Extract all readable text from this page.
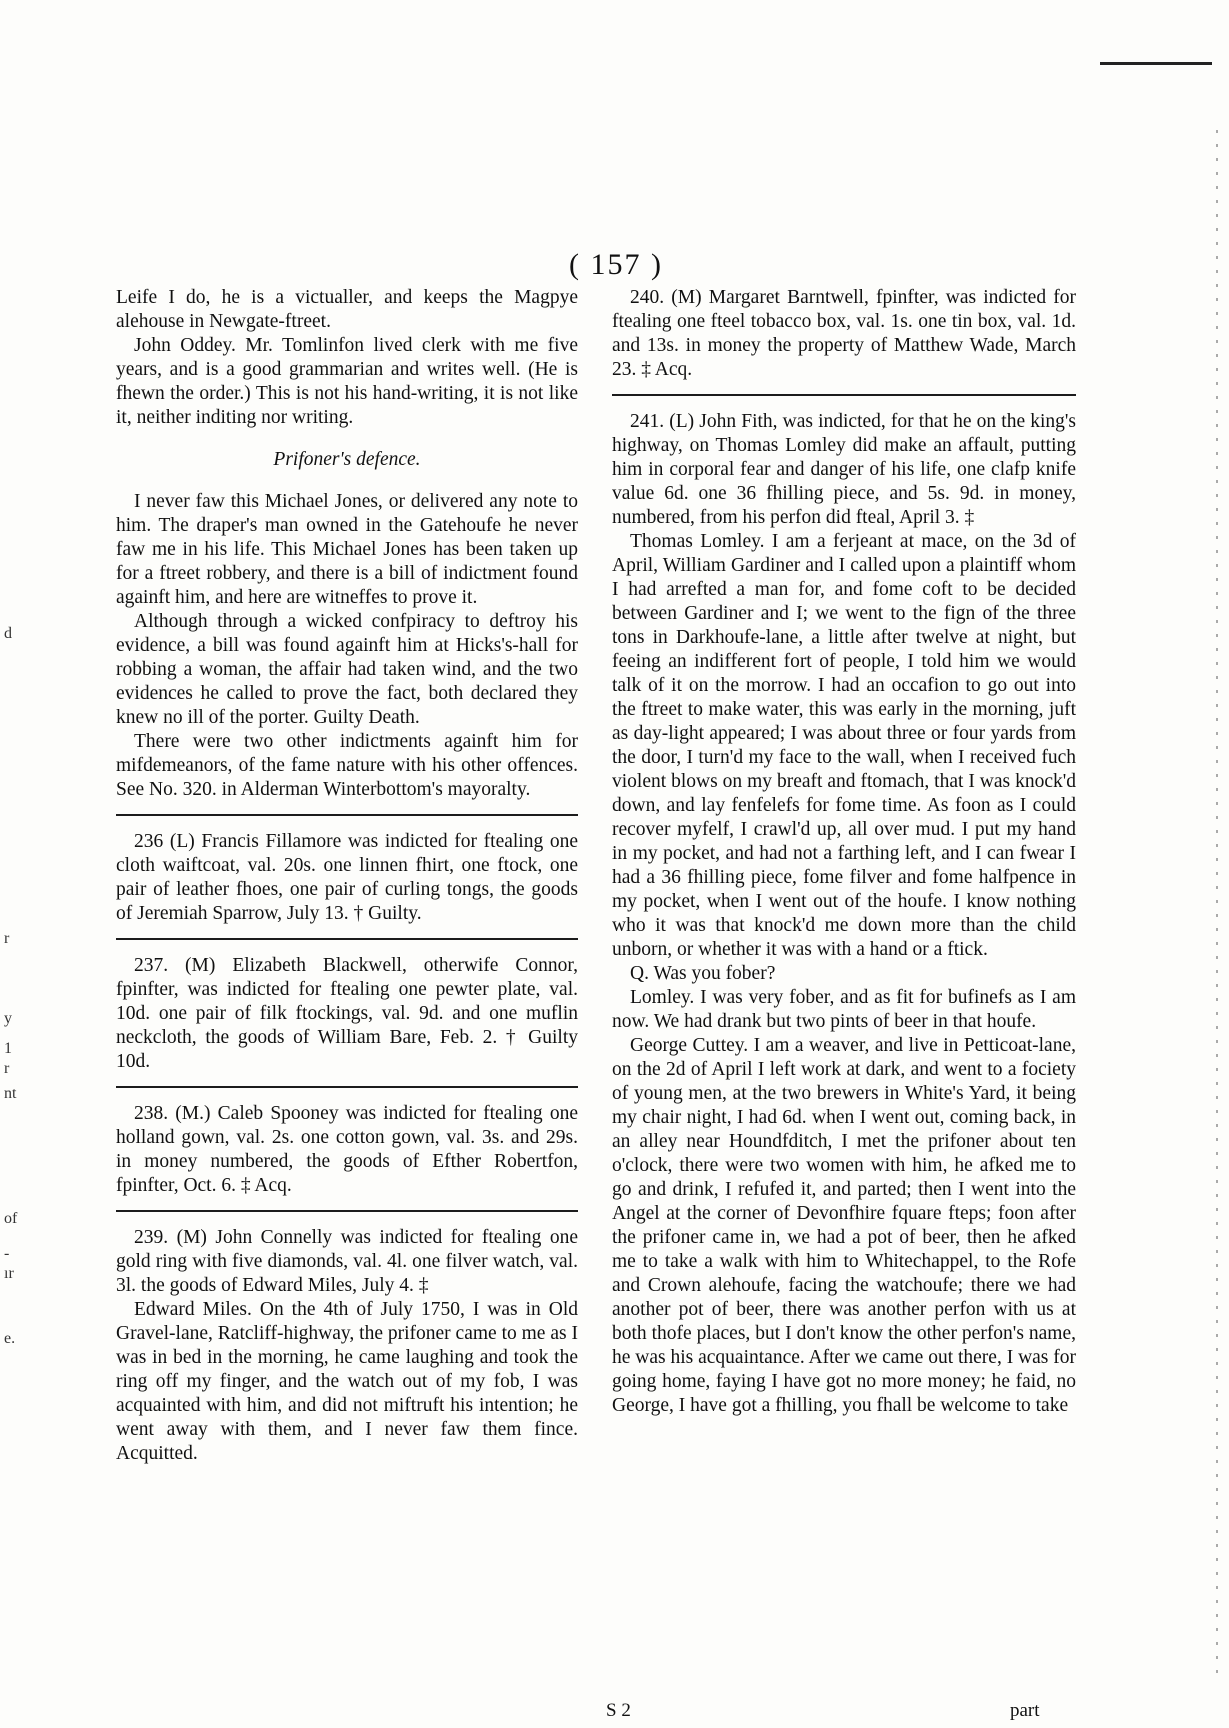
( 157 )

Leife I do, he is a victualler, and keeps the Magpye alehouse in Newgate-ftreet.

John Oddey. Mr. Tomlinfon lived clerk with me five years, and is a good grammarian and writes well. (He is fhewn the order.) This is not his hand-writing, it is not like it, neither inditing nor writing.

Prifoner's defence.

I never faw this Michael Jones, or delivered any note to him. The draper's man owned in the Gatehoufe he never faw me in his life. This Michael Jones has been taken up for a ftreet robbery, and there is a bill of indictment found againft him, and here are witneffes to prove it.

Although through a wicked confpiracy to deftroy his evidence, a bill was found againft him at Hicks's-hall for robbing a woman, the affair had taken wind, and the two evidences he called to prove the fact, both declared they knew no ill of the porter. Guilty Death.

There were two other indictments againft him for mifdemeanors, of the fame nature with his other offences. See No. 320. in Alderman Winterbottom's mayoralty.

236 (L) Francis Fillamore was indicted for ftealing one cloth waiftcoat, val. 20s. one linnen fhirt, one ftock, one pair of leather fhoes, one pair of curling tongs, the goods of Jeremiah Sparrow, July 13. † Guilty.

237. (M) Elizabeth Blackwell, otherwife Connor, fpinfter, was indicted for ftealing one pewter plate, val. 10d. one pair of filk ftockings, val. 9d. and one muflin neckcloth, the goods of William Bare, Feb. 2. † Guilty 10d.

238. (M.) Caleb Spooney was indicted for ftealing one holland gown, val. 2s. one cotton gown, val. 3s. and 29s. in money numbered, the goods of Efther Robertfon, fpinfter, Oct. 6. ‡ Acq.

239. (M) John Connelly was indicted for ftealing one gold ring with five diamonds, val. 4l. one filver watch, val. 3l. the goods of Edward Miles, July 4. ‡

Edward Miles. On the 4th of July 1750, I was in Old Gravel-lane, Ratcliff-highway, the prifoner came to me as I was in bed in the morning, he came laughing and took the ring off my finger, and the watch out of my fob, I was acquainted with him, and did not miftruft his intention; he went away with them, and I never faw them fince. Acquitted.

240. (M) Margaret Barntwell, fpinfter, was indicted for ftealing one fteel tobacco box, val. 1s. one tin box, val. 1d. and 13s. in money the property of Matthew Wade, March 23. ‡ Acq.

241. (L) John Fith, was indicted, for that he on the king's highway, on Thomas Lomley did make an affault, putting him in corporal fear and danger of his life, one clafp knife value 6d. one 36 fhilling piece, and 5s. 9d. in money, numbered, from his perfon did fteal, April 3. ‡

Thomas Lomley. I am a ferjeant at mace, on the 3d of April, William Gardiner and I called upon a plaintiff whom I had arrefted a man for, and fome coft to be decided between Gardiner and I; we went to the fign of the three tons in Darkhoufe-lane, a little after twelve at night, but feeing an indifferent fort of people, I told him we would talk of it on the morrow. I had an occafion to go out into the ftreet to make water, this was early in the morning, juft as day-light appeared; I was about three or four yards from the door, I turn'd my face to the wall, when I received fuch violent blows on my breaft and ftomach, that I was knock'd down, and lay fenfelefs for fome time. As foon as I could recover myfelf, I crawl'd up, all over mud. I put my hand in my pocket, and had not a farthing left, and I can fwear I had a 36 fhilling piece, fome filver and fome halfpence in my pocket, when I went out of the houfe. I know nothing who it was that knock'd me down more than the child unborn, or whether it was with a hand or a ftick.

Q. Was you fober?

Lomley. I was very fober, and as fit for bufinefs as I am now. We had drank but two pints of beer in that houfe.

George Cuttey. I am a weaver, and live in Petticoat-lane, on the 2d of April I left work at dark, and went to a fociety of young men, at the two brewers in White's Yard, it being my chair night, I had 6d. when I went out, coming back, in an alley near Houndfditch, I met the prifoner about ten o'clock, there were two women with him, he afked me to go and drink, I refufed it, and parted; then I went into the Angel at the corner of Devonfhire fquare fteps; foon after the prifoner came in, we had a pot of beer, then he afked me to take a walk with him to Whitechappel, to the Rofe and Crown alehoufe, facing the watchoufe; there we had another pot of beer, there was another perfon with us at both thofe places, but I don't know the other perfon's name, he was his acquaintance. After we came out there, I was for going home, faying I have got no more money; he faid, no George, I have got a fhilling, you fhall be welcome to take

S 2	part
d
r
y
1
r
nt
of
-
ır
e.
